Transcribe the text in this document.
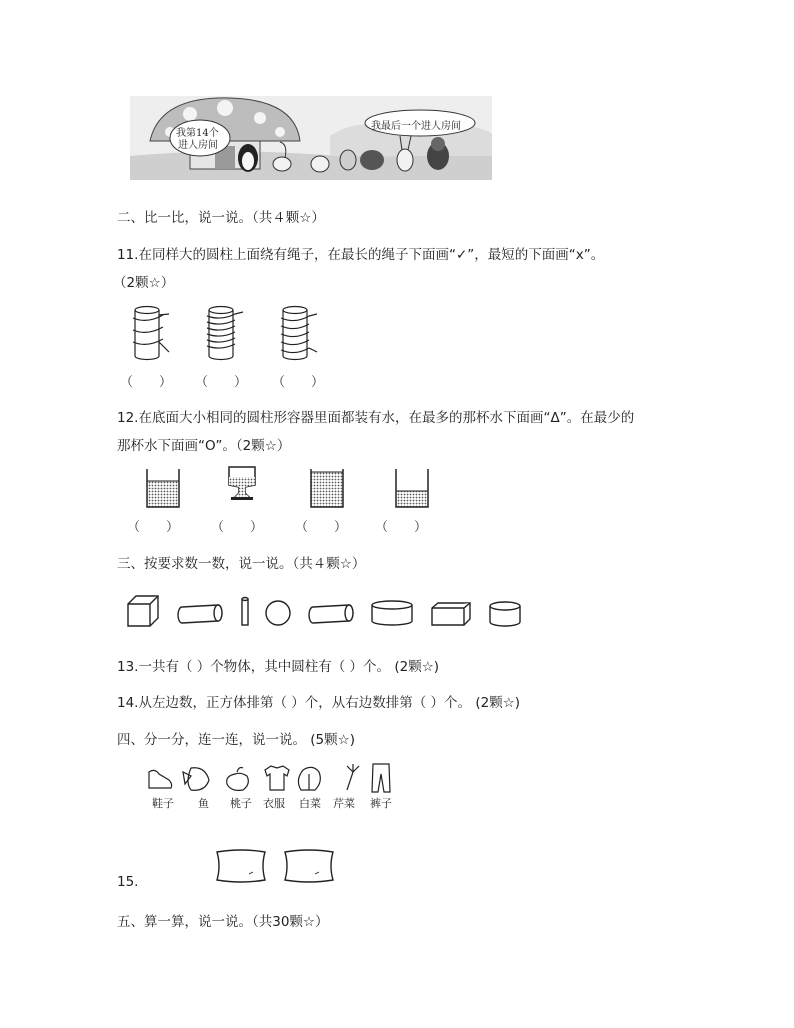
我第14个
进人房间
我最后一个进人房间
二、比一比，说一说。（共４颗☆）
11.在同样大的圆柱上面绕有绳子，在最长的绳子下面画“✓”，最短的下面画“x”。
（2颗☆）
（　　） （　　） （　　）
12.在底面大小相同的圆柱形容器里面都装有水，在最多的那杯水下面画“Δ”。在最少的
那杯水下面画“O”。（2颗☆）
（　　） （　　） （　　） （　　）
三、按要求数一数，说一说。（共４颗☆）
13.一共有（ ）个物体，其中圆柱有（ ）个。 (2颗☆)
14.从左边数，正方体排第（ ）个，从右边数排第（ ）个。 (2颗☆)
四、分一分，连一连，说一说。 (5颗☆)
鞋子 鱼 桃子 衣服 白菜 芹菜 裤子
15.
五、算一算，说一说。（共30颗☆）
